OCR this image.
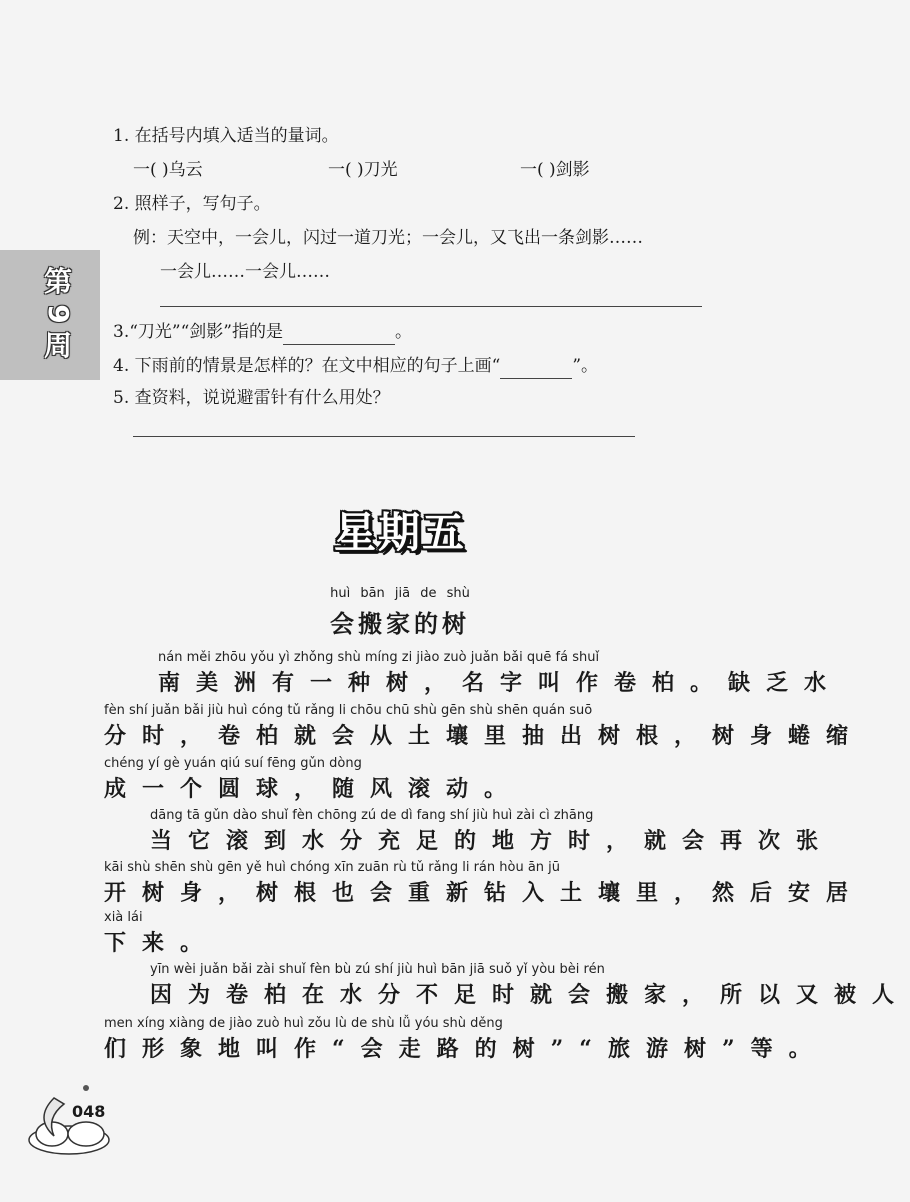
第
9
周
1. 在括号内填入适当的量词。
一( )乌云	一( )刀光	一( )剑影
2. 照样子，写句子。
例：天空中，一会儿，闪过一道刀光；一会儿，又飞出一条剑影……
一会儿……一会儿……
3.“刀光”“剑影”指的是	。
4. 下雨前的情景是怎样的？在文中相应的句子上画“	”。
5. 查资料，说说避雷针有什么用处？
星期五
huì bān jiā de shù
会搬家的树
nán měi zhōu yǒu yì zhǒng shù míng zi jiào zuò juǎn bǎi quē fá shuǐ
南美洲有一种树，名字叫作卷柏。缺乏水
fèn shí juǎn bǎi jiù huì cóng tǔ rǎng li chōu chū shù gēn shù shēn quán suō
分时，卷柏就会从土壤里抽出树根，树身蜷缩
chéng yí gè yuán qiú suí fēng gǔn dòng
成一个圆球，随风滚动。
dāng tā gǔn dào shuǐ fèn chōng zú de dì fang shí jiù huì zài cì zhāng
当它滚到水分充足的地方时，就会再次张
kāi shù shēn shù gēn yě huì chóng xīn zuān rù tǔ rǎng li rán hòu ān jū
开树身，树根也会重新钻入土壤里，然后安居
xià lái
下来。
yīn wèi juǎn bǎi zài shuǐ fèn bù zú shí jiù huì bān jiā suǒ yǐ yòu bèi rén
因为卷柏在水分不足时就会搬家，所以又被人
men xíng xiàng de jiào zuò huì zǒu lù de shù lǚ yóu shù děng
们形象地叫作“会走路的树”“旅游树”等。
048
